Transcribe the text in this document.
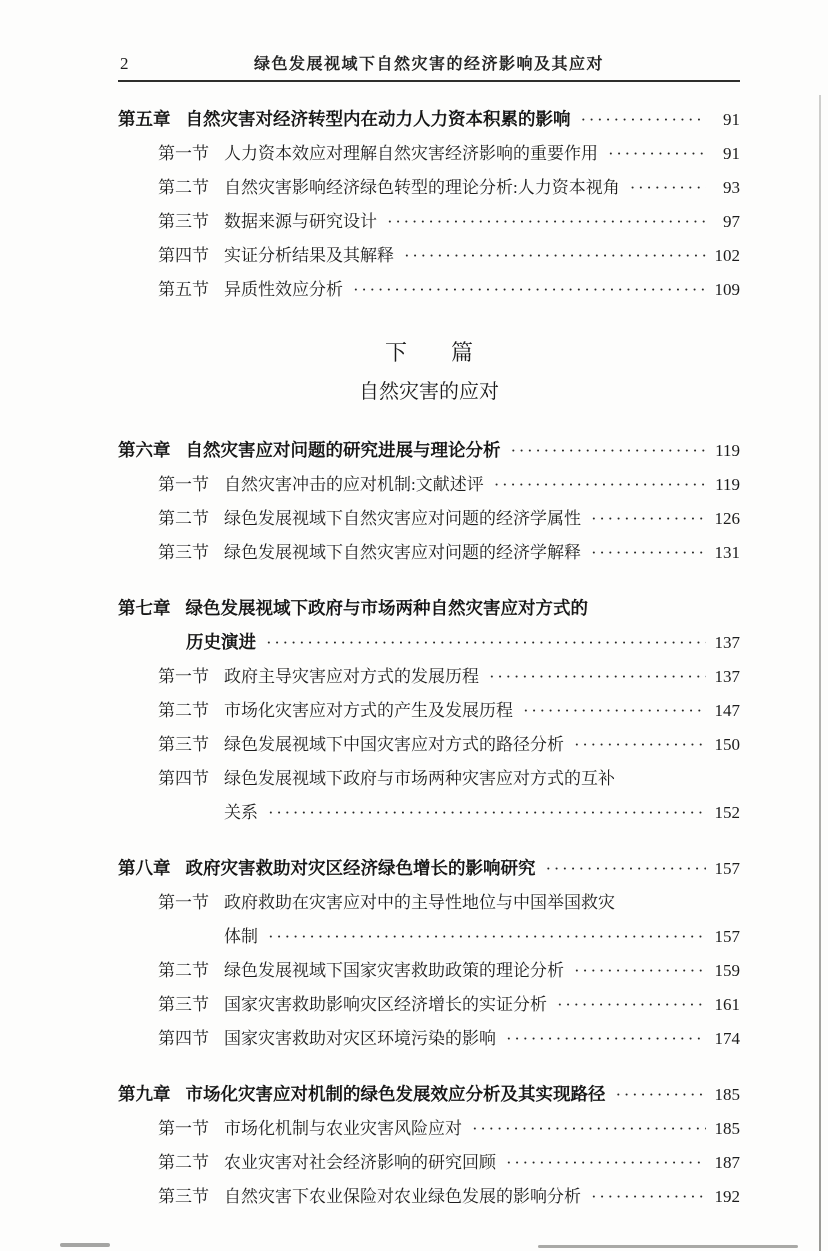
2	绿色发展视域下自然灾害的经济影响及其应对
第五章 自然灾害对经济转型内在动力人力资本积累的影响 ·····	91
第一节 人力资本效应对理解自然灾害经济影响的重要作用 ·····	91
第二节 自然灾害影响经济绿色转型的理论分析:人力资本视角 ·····	93
第三节 数据来源与研究设计 ·····	97
第四节 实证分析结果及其解释 ·····	102
第五节 异质性效应分析 ·····	109
下　　篇
自然灾害的应对
第六章 自然灾害应对问题的研究进展与理论分析 ·····	119
第一节 自然灾害冲击的应对机制:文献述评 ·····	119
第二节 绿色发展视域下自然灾害应对问题的经济学属性 ·····	126
第三节 绿色发展视域下自然灾害应对问题的经济学解释 ·····	131
第七章 绿色发展视域下政府与市场两种自然灾害应对方式的
历史演进 ·····	137
第一节 政府主导灾害应对方式的发展历程 ·····	137
第二节 市场化灾害应对方式的产生及发展历程 ·····	147
第三节 绿色发展视域下中国灾害应对方式的路径分析 ·····	150
第四节 绿色发展视域下政府与市场两种灾害应对方式的互补
关系 ·····	152
第八章 政府灾害救助对灾区经济绿色增长的影响研究 ·····	157
第一节 政府救助在灾害应对中的主导性地位与中国举国救灾
体制 ·····	157
第二节 绿色发展视域下国家灾害救助政策的理论分析 ·····	159
第三节 国家灾害救助影响灾区经济增长的实证分析 ·····	161
第四节 国家灾害救助对灾区环境污染的影响 ·····	174
第九章 市场化灾害应对机制的绿色发展效应分析及其实现路径 ·····	185
第一节 市场化机制与农业灾害风险应对 ·····	185
第二节 农业灾害对社会经济影响的研究回顾 ·····	187
第三节 自然灾害下农业保险对农业绿色发展的影响分析 ·····	192
